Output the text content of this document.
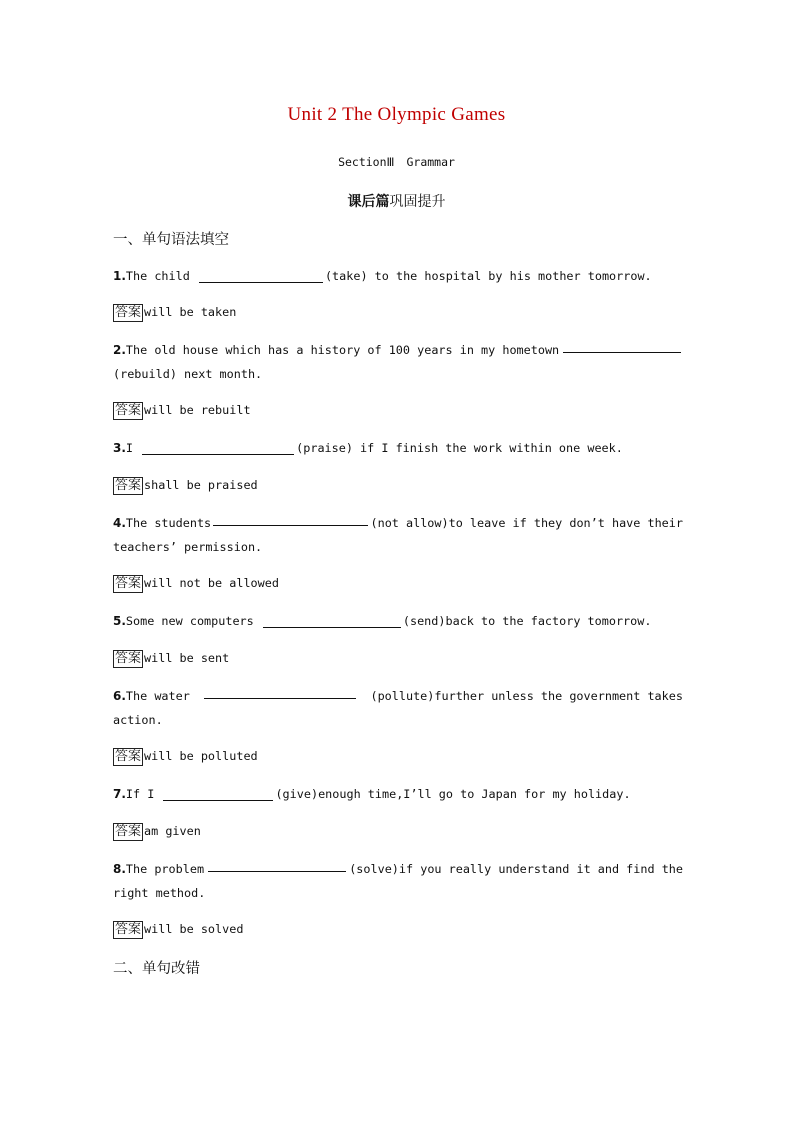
Unit 2 The Olympic Games
SectionⅢ Grammar
课后篇巩固提升
一、单句语法填空
1.The child	(take) to the hospital by his mother tomorrow.
答案 will be taken
2.The old house which has a history of 100 years in my hometown
(rebuild) next month.
答案 will be rebuilt
3.I	(praise) if I finish the work within one week.
答案 shall be praised
4.The students	(not allow)to leave if they don’t have their
teachers’ permission.
答案 will not be allowed
5.Some new computers	(send)back to the factory tomorrow.
答案 will be sent
6.The water	(pollute)further unless the government takes
action.
答案 will be polluted
7.If I	(give)enough time,I’ll go to Japan for my holiday.
答案 am given
8.The problem	(solve)if you really understand it and find the
right method.
答案 will be solved
二、单句改错
